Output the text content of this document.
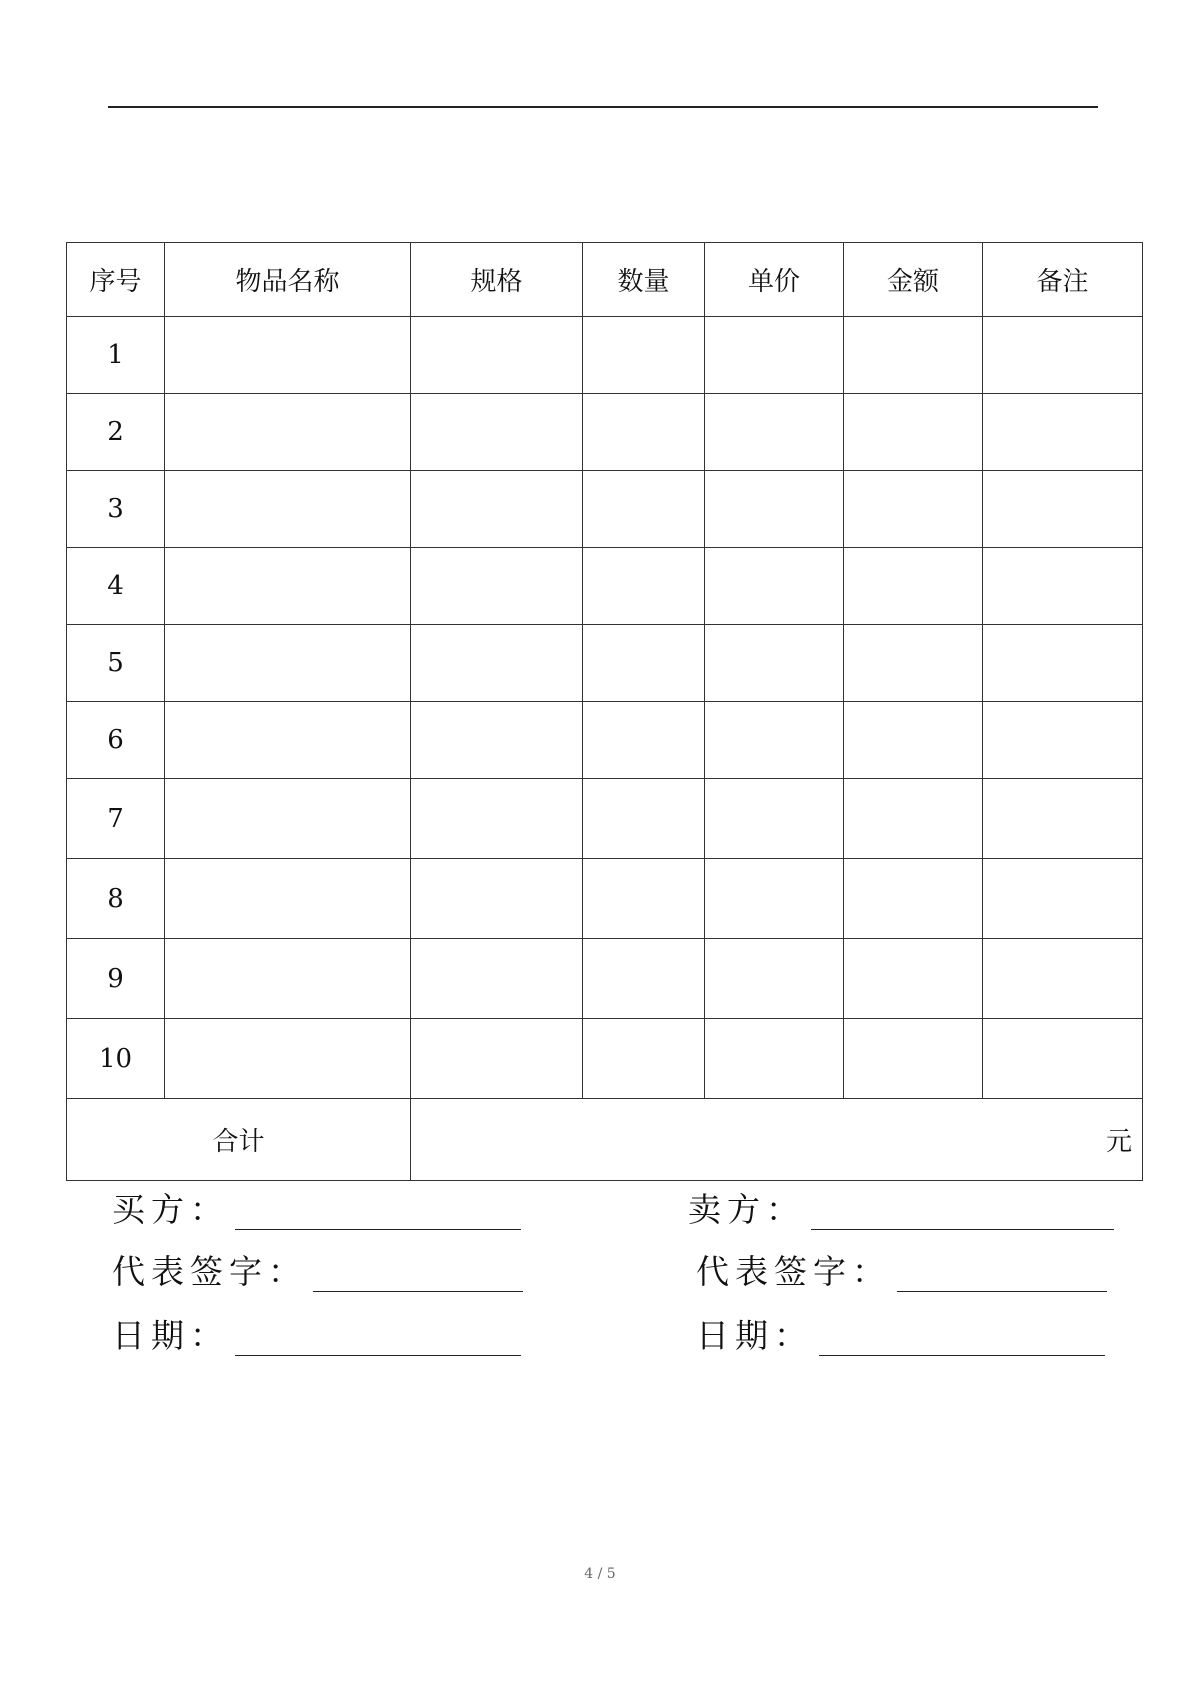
序号	物品名称	规格	数量	单价	金额	备注
1						
2						
3						
4						
5						
6						
7						
8						
9						
10						
合计		元				
买方：	卖方：
代表签字：	代表签字：
日期：	日期：
4 / 5
